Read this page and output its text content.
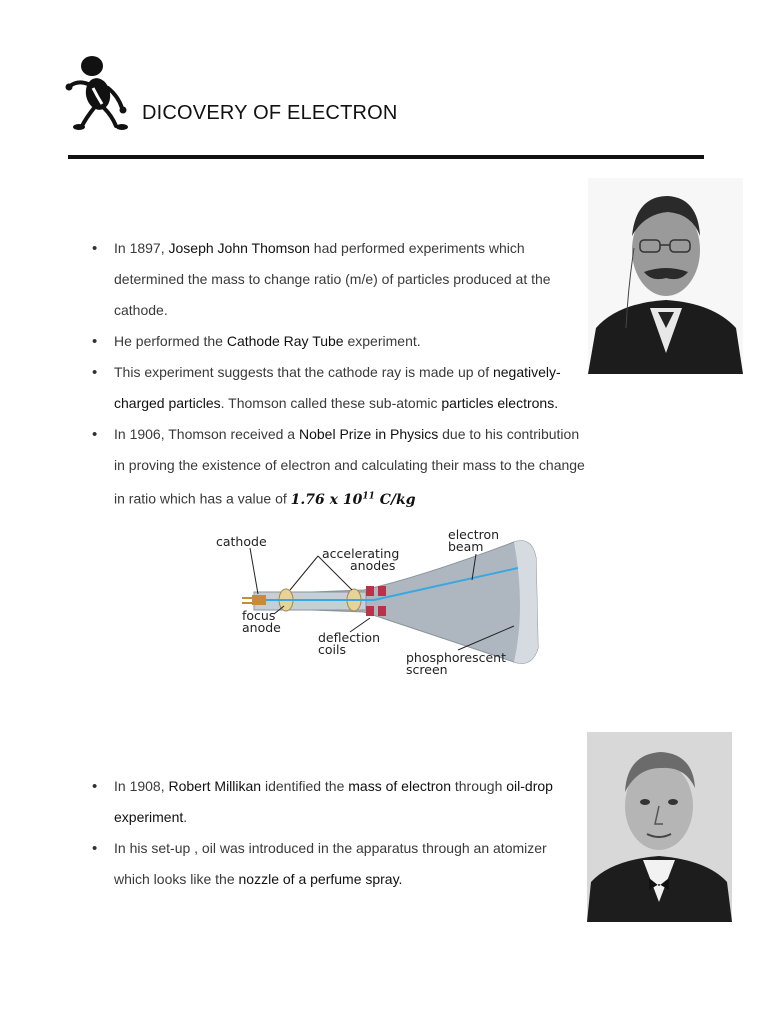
DICOVERY OF ELECTRON
• In 1897, Joseph John Thomson had performed experiments which determined the mass to change ratio (m/e) of particles produced at the cathode.
• He performed the Cathode Ray Tube experiment.
• This experiment suggests that the cathode ray is made up of negatively-charged particles. Thomson called these sub-atomic particles electrons.
• In 1906, Thomson received a Nobel Prize in Physics due to his contribution in proving the existence of electron and calculating their mass to the change in ratio which has a value of 1.76 x $10^{11}$ C/kg
cathode
accelerating
anodes
electron
beam
focus
anode
deflection
coils
phosphorescent
screen
• In 1908, Robert Millikan identified the mass of electron through oil-drop experiment.
• In his set-up , oil was introduced in the apparatus through an atomizer which looks like the nozzle of a perfume spray.
